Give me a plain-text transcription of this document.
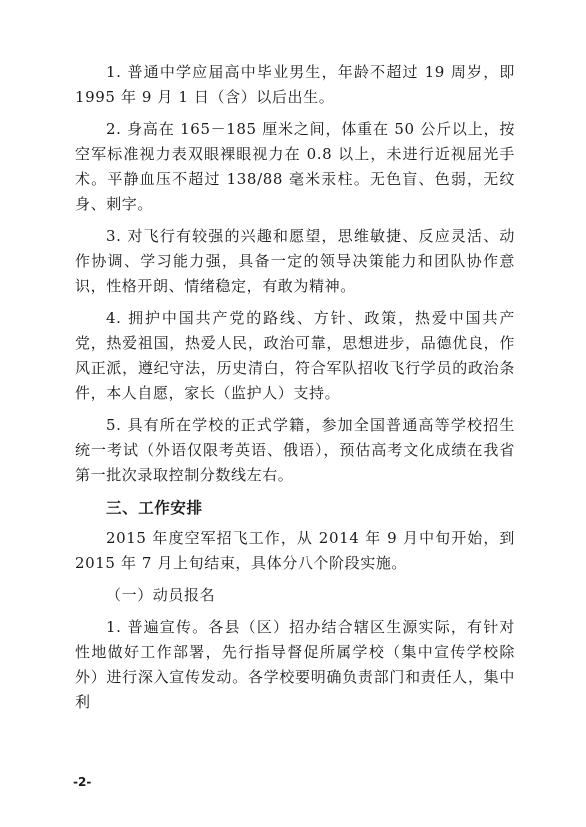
1. 普通中学应届高中毕业男生，年龄不超过 19 周岁，即 1995 年 9 月 1 日（含）以后出生。

2. 身高在 165－185 厘米之间，体重在 50 公斤以上，按空军标准视力表双眼裸眼视力在 0.8 以上，未进行近视屈光手术。平静血压不超过 138/88 毫米汞柱。无色盲、色弱，无纹身、刺字。

3. 对飞行有较强的兴趣和愿望，思维敏捷、反应灵活、动作协调、学习能力强，具备一定的领导决策能力和团队协作意识，性格开朗、情绪稳定，有敢为精神。

4. 拥护中国共产党的路线、方针、政策，热爱中国共产党，热爱祖国，热爱人民，政治可靠，思想进步，品德优良，作风正派，遵纪守法，历史清白，符合军队招收飞行学员的政治条件，本人自愿，家长（监护人）支持。

5. 具有所在学校的正式学籍，参加全国普通高等学校招生统一考试（外语仅限考英语、俄语），预估高考文化成绩在我省第一批次录取控制分数线左右。

三、工作安排

2015 年度空军招飞工作，从 2014 年 9 月中旬开始，到 2015 年 7 月上旬结束，具体分八个阶段实施。

（一）动员报名

1. 普遍宣传。各县（区）招办结合辖区生源实际，有针对性地做好工作部署，先行指导督促所属学校（集中宣传学校除外）进行深入宣传发动。各学校要明确负责部门和责任人，集中利

-2-
